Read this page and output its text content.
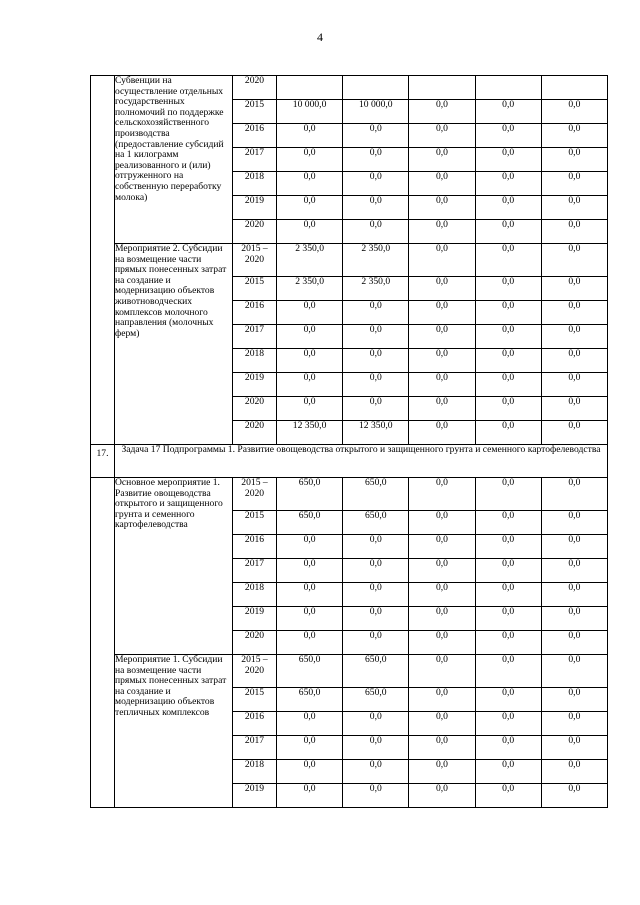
4
	Субвенции на осуществление отдельных государственных полномочий по поддержке сельскохозяйственного производства (предоставление субсидий на 1 килограмм реализованного и (или) отгруженного на собственную переработку молока)	2020					
		2015	10 000,0	10 000,0	0,0	0,0	0,0
		2016	0,0	0,0	0,0	0,0	0,0
		2017	0,0	0,0	0,0	0,0	0,0
		2018	0,0	0,0	0,0	0,0	0,0
		2019	0,0	0,0	0,0	0,0	0,0
		2020	0,0	0,0	0,0	0,0	0,0
	Мероприятие 2. Субсидии на возмещение части прямых понесенных затрат на создание и модернизацию объектов животноводческих комплексов молочного направления (молочных ферм)	2015 – 2020	2 350,0	2 350,0	0,0	0,0	0,0
		2015	2 350,0	2 350,0	0,0	0,0	0,0
		2016	0,0	0,0	0,0	0,0	0,0
		2017	0,0	0,0	0,0	0,0	0,0
		2018	0,0	0,0	0,0	0,0	0,0
		2019	0,0	0,0	0,0	0,0	0,0
		2020	0,0	0,0	0,0	0,0	0,0
		2020	12 350,0	12 350,0	0,0	0,0	0,0
17.	Задача 17 Подпрограммы 1. Развитие овощеводства открытого и защищенного грунта и семенного картофелеводства						
	Основное мероприятие 1. Развитие овощеводства открытого и защищенного грунта и семенного картофелеводства	2015 – 2020	650,0	650,0	0,0	0,0	0,0
		2015	650,0	650,0	0,0	0,0	0,0
		2016	0,0	0,0	0,0	0,0	0,0
		2017	0,0	0,0	0,0	0,0	0,0
		2018	0,0	0,0	0,0	0,0	0,0
		2019	0,0	0,0	0,0	0,0	0,0
		2020	0,0	0,0	0,0	0,0	0,0
	Мероприятие 1. Субсидии на возмещение части прямых понесенных затрат на создание и модернизацию объектов тепличных комплексов	2015 – 2020	650,0	650,0	0,0	0,0	0,0
		2015	650,0	650,0	0,0	0,0	0,0
		2016	0,0	0,0	0,0	0,0	0,0
		2017	0,0	0,0	0,0	0,0	0,0
		2018	0,0	0,0	0,0	0,0	0,0
		2019	0,0	0,0	0,0	0,0	0,0
